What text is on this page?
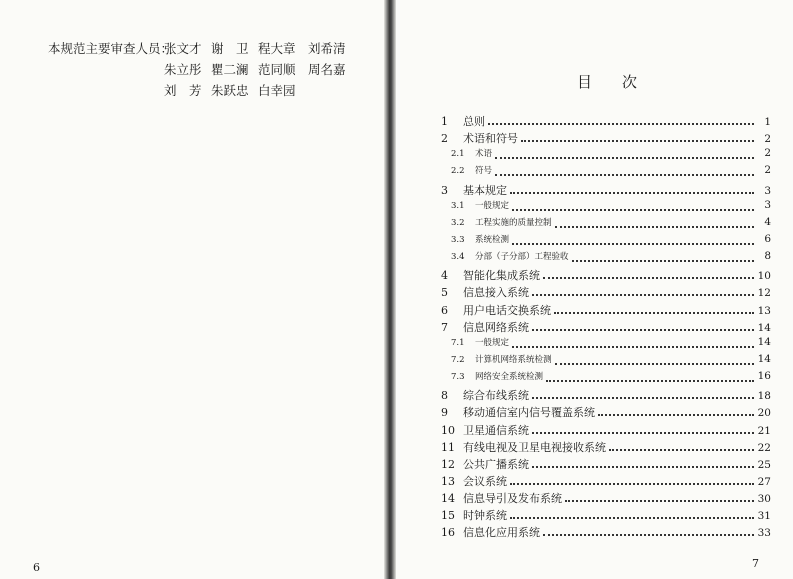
本规范主要审查人员：
张文才 谢　卫 程大章 刘希清
朱立彤 瞿二澜 范同顺 周名嘉
刘　芳 朱跃忠 白幸园
6
目 次
1	总则	1
2	术语和符号	2
2.1	术语	2
2.2	符号	2
3	基本规定	3
3.1	一般规定	3
3.2	工程实施的质量控制	4
3.3	系统检测	6
3.4	分部（子分部）工程验收	8
4	智能化集成系统	10
5	信息接入系统	12
6	用户电话交换系统	13
7	信息网络系统	14
7.1	一般规定	14
7.2	计算机网络系统检测	14
7.3	网络安全系统检测	16
8	综合布线系统	18
9	移动通信室内信号覆盖系统	20
10 卫星通信系统	21
11 有线电视及卫星电视接收系统	22
12 公共广播系统	25
13 会议系统	27
14 信息导引及发布系统	30
15 时钟系统	31
16 信息化应用系统	33
7
